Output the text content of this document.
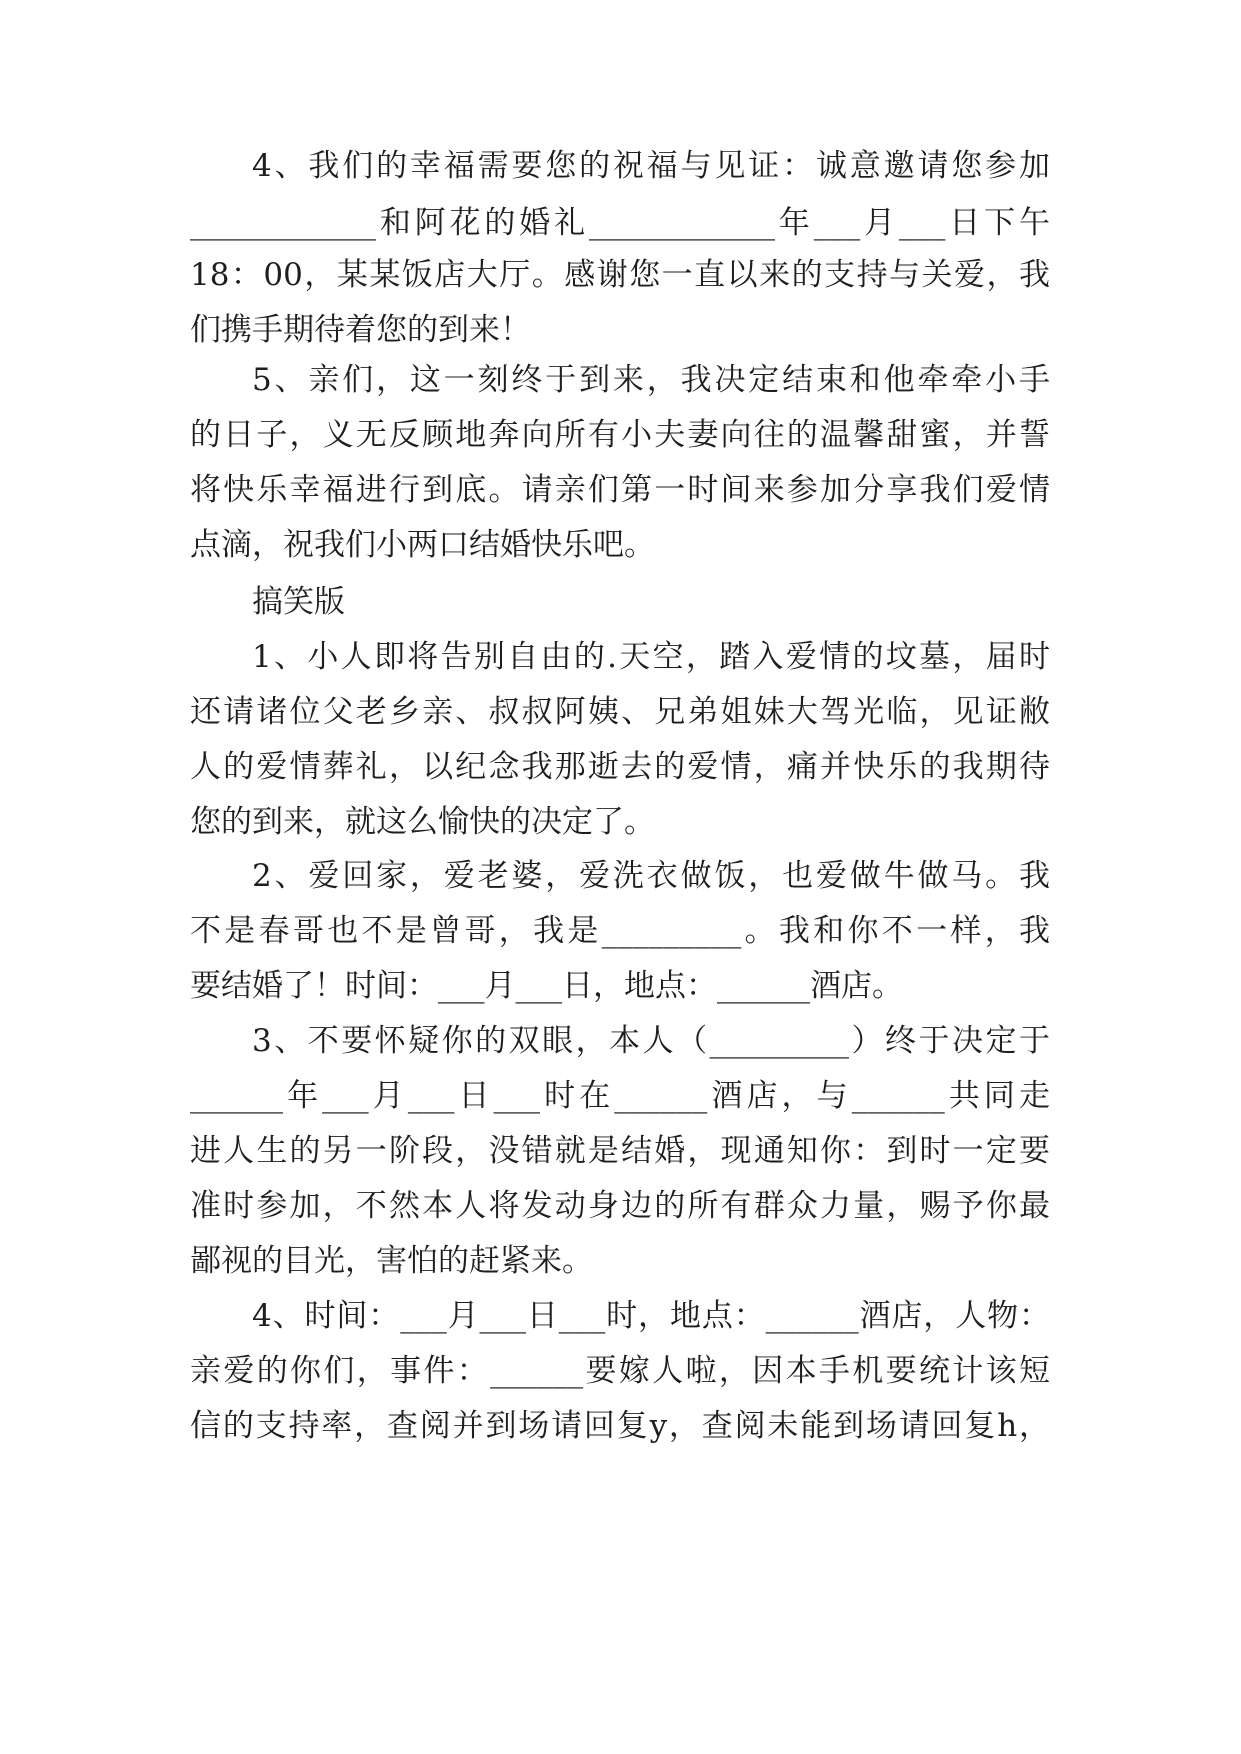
4、我们的幸福需要您的祝福与见证：诚意邀请您参加

____________和阿花的婚礼____________年___月___日下午

18：00，某某饭店大厅。感谢您一直以来的支持与关爱，我

们携手期待着您的到来！

5、亲们，这一刻终于到来，我决定结束和他牵牵小手

的日子，义无反顾地奔向所有小夫妻向往的温馨甜蜜，并誓

将快乐幸福进行到底。请亲们第一时间来参加分享我们爱情

点滴，祝我们小两口结婚快乐吧。

搞笑版

1、小人即将告别自由的.天空，踏入爱情的坟墓，届时

还请诸位父老乡亲、叔叔阿姨、兄弟姐妹大驾光临，见证敝

人的爱情葬礼，以纪念我那逝去的爱情，痛并快乐的我期待

您的到来，就这么愉快的决定了。

2、爱回家，爱老婆，爱洗衣做饭，也爱做牛做马。我

不是春哥也不是曾哥，我是_________。我和你不一样，我

要结婚了！时间：___月___日，地点：______酒店。

3、不要怀疑你的双眼，本人（_________）终于决定于

______年___月___日___时在______酒店，与______共同走

进人生的另一阶段，没错就是结婚，现通知你：到时一定要

准时参加，不然本人将发动身边的所有群众力量，赐予你最

鄙视的目光，害怕的赶紧来。

4、时间：___月___日___时，地点：______酒店，人物：

亲爱的你们，事件：______要嫁人啦，因本手机要统计该短

信的支持率，查阅并到场请回复y，查阅未能到场请回复h，
